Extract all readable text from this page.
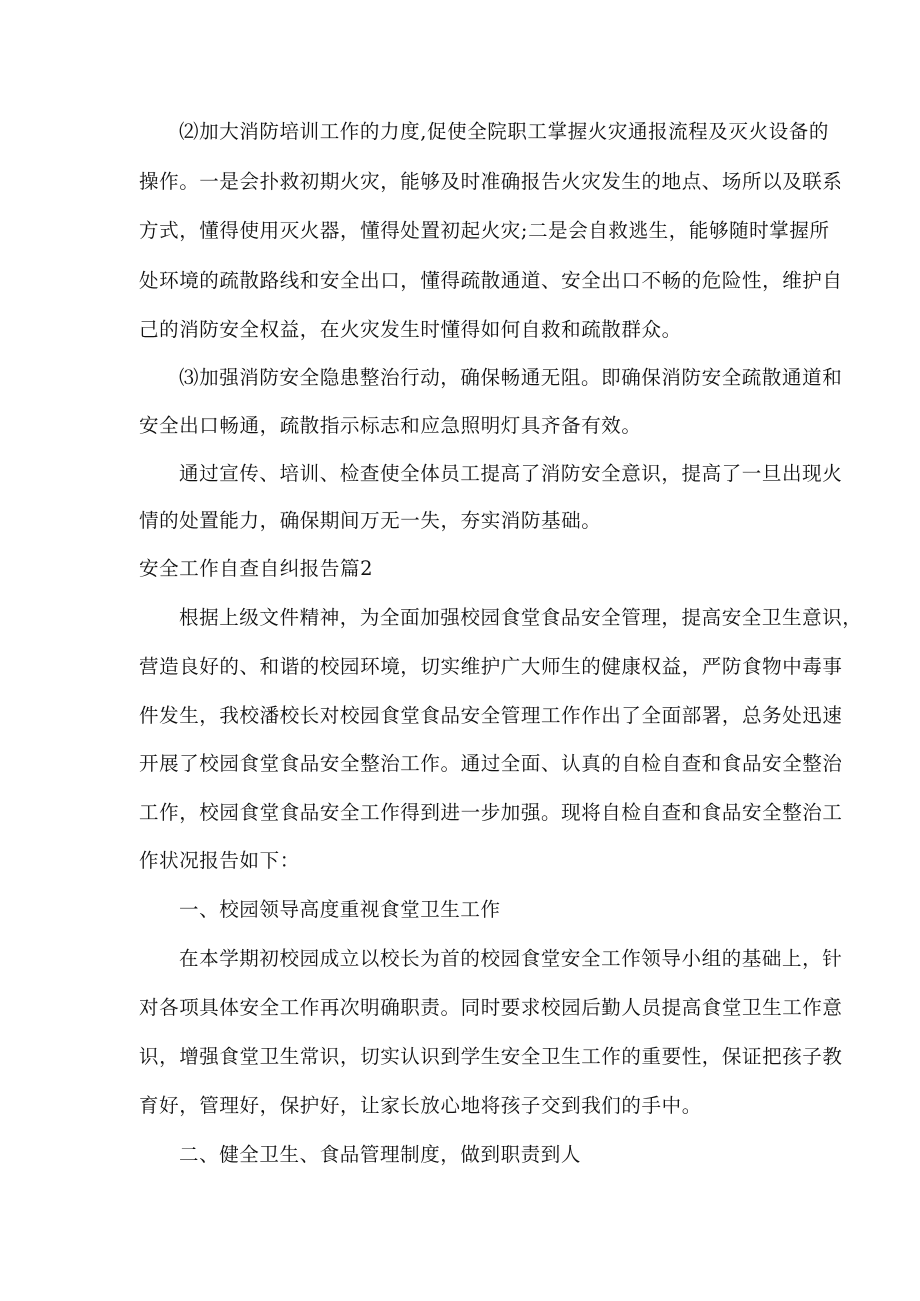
⑵加大消防培训工作的力度,促使全院职工掌握火灾通报流程及灭火设备的
操作。一是会扑救初期火灾，能够及时准确报告火灾发生的地点、场所以及联系
方式，懂得使用灭火器，懂得处置初起火灾;二是会自救逃生，能够随时掌握所
处环境的疏散路线和安全出口，懂得疏散通道、安全出口不畅的危险性，维护自
己的消防安全权益，在火灾发生时懂得如何自救和疏散群众。
⑶加强消防安全隐患整治行动，确保畅通无阻。即确保消防安全疏散通道和
安全出口畅通，疏散指示标志和应急照明灯具齐备有效。
通过宣传、培训、检查使全体员工提高了消防安全意识，提高了一旦出现火
情的处置能力，确保期间万无一失，夯实消防基础。
安全工作自查自纠报告篇2
根据上级文件精神，为全面加强校园食堂食品安全管理，提高安全卫生意识，
营造良好的、和谐的校园环境，切实维护广大师生的健康权益，严防食物中毒事
件发生，我校潘校长对校园食堂食品安全管理工作作出了全面部署，总务处迅速
开展了校园食堂食品安全整治工作。通过全面、认真的自检自查和食品安全整治
工作，校园食堂食品安全工作得到进一步加强。现将自检自查和食品安全整治工
作状况报告如下：
一、校园领导高度重视食堂卫生工作
在本学期初校园成立以校长为首的校园食堂安全工作领导小组的基础上，针
对各项具体安全工作再次明确职责。同时要求校园后勤人员提高食堂卫生工作意
识，增强食堂卫生常识，切实认识到学生安全卫生工作的重要性，保证把孩子教
育好，管理好，保护好，让家长放心地将孩子交到我们的手中。
二、健全卫生、食品管理制度，做到职责到人
